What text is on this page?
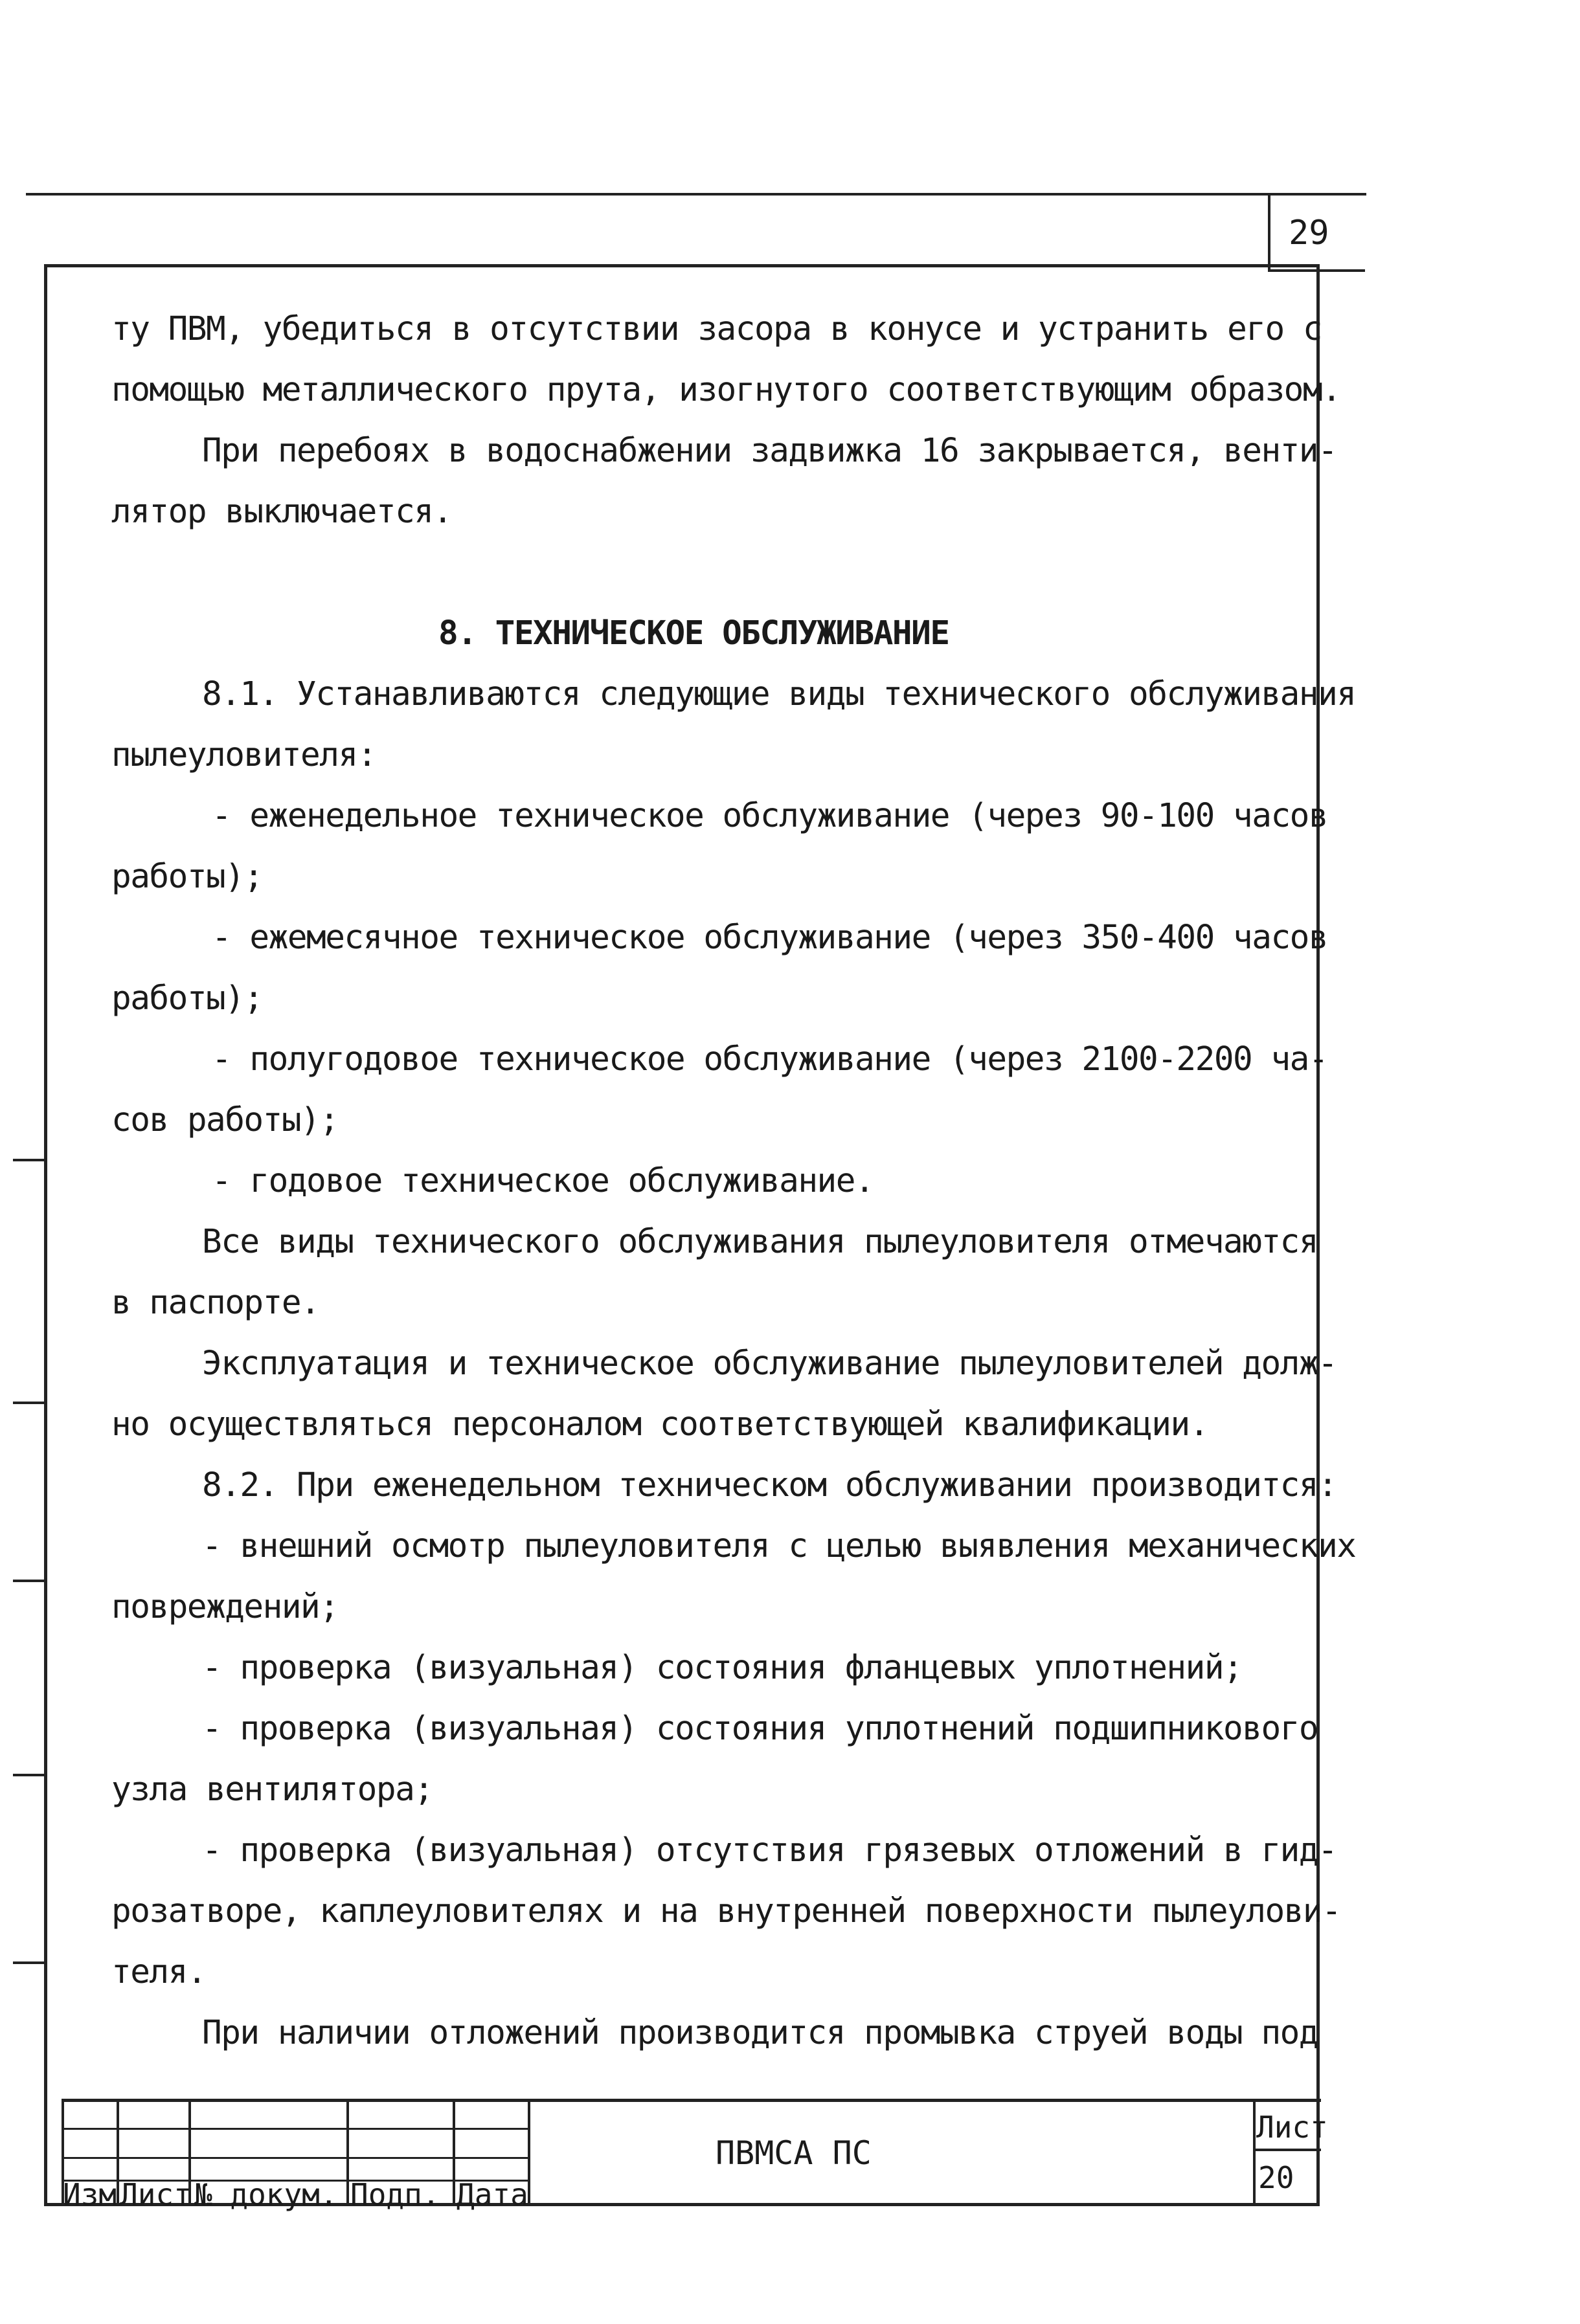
29
ту ПВМ, убедиться в отсутствии засора в конусе и устранить его с
помощью металлического прута, изогнутого соответствующим образом.
При перебоях в водоснабжении задвижка 16 закрывается, венти-
лятор выключается.
8. ТЕХНИЧЕСКОЕ ОБСЛУЖИВАНИЕ
8.1. Устанавливаются следующие виды технического обслуживания
пылеуловителя:
- еженедельное техническое обслуживание (через 90-100 часов
работы);
- ежемесячное техническое обслуживание (через 350-400 часов
работы);
- полугодовое техническое обслуживание (через 2100-2200 ча-
сов работы);
- годовое техническое обслуживание.
Все виды технического обслуживания пылеуловителя отмечаются
в паспорте.
Эксплуатация и техническое обслуживание пылеуловителей долж-
но осуществляться персоналом соответствующей квалификации.
8.2. При еженедельном техническом обслуживании производится:
- внешний осмотр пылеуловителя с целью выявления механических
повреждений;
- проверка (визуальная) состояния фланцевых уплотнений;
- проверка (визуальная) состояния уплотнений подшипникового
узла вентилятора;
- проверка (визуальная) отсутствия грязевых отложений в гид-
розатворе, каплеуловителях и на внутренней поверхности пылеулови-
теля.
При наличии отложений производится промывка струей воды под
ПВМСА ПС
Изм Лист № докум. Подп. Дата
Лист
20
